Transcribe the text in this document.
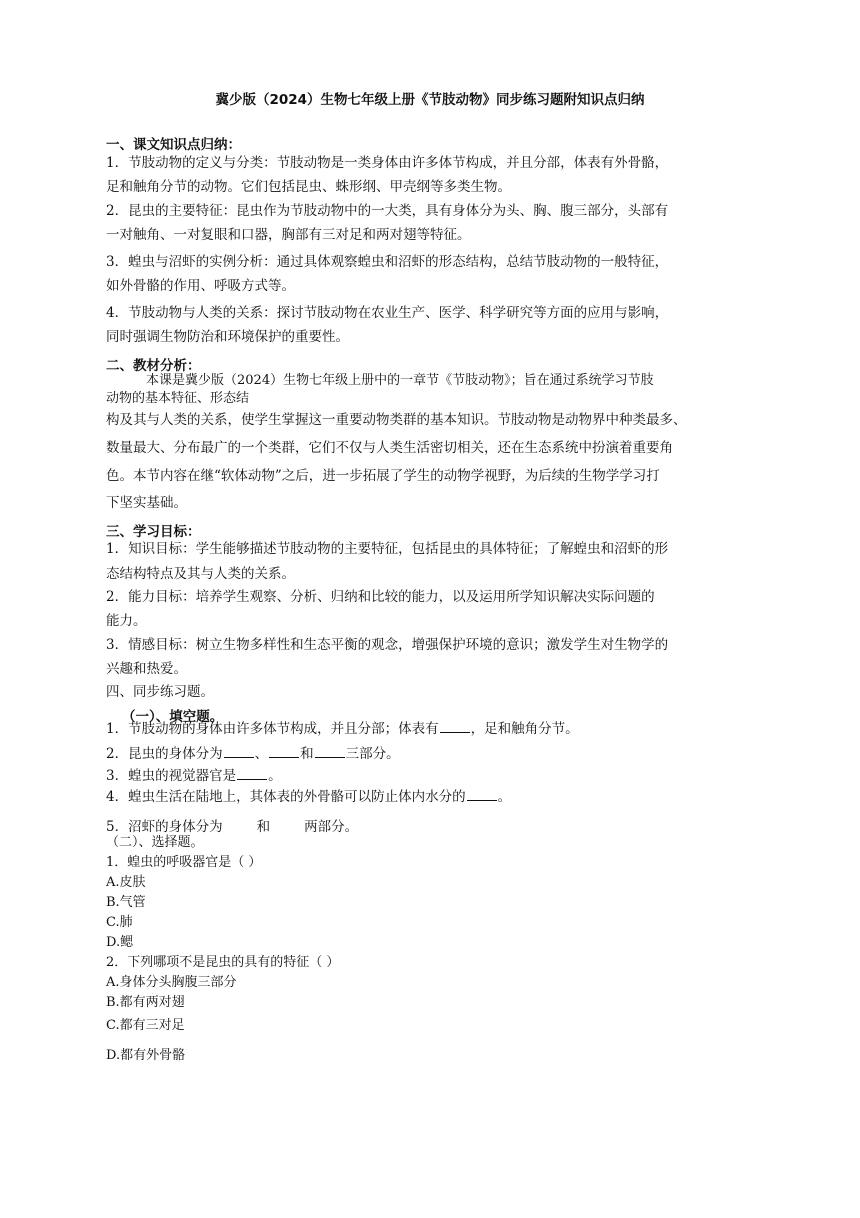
冀少版（2024）生物七年级上册《节肢动物》同步练习题附知识点归纳
一、课文知识点归纳：
1．节肢动物的定义与分类：节肢动物是一类身体由许多体节构成，并且分部，体表有外骨骼，
足和触角分节的动物。它们包括昆虫、蛛形纲、甲壳纲等多类生物。
2．昆虫的主要特征：昆虫作为节肢动物中的一大类，具有身体分为头、胸、腹三部分，头部有
一对触角、一对复眼和口器，胸部有三对足和两对翅等特征。
3．蝗虫与沼虾的实例分析：通过具体观察蝗虫和沼虾的形态结构，总结节肢动物的一般特征，
如外骨骼的作用、呼吸方式等。
4．节肢动物与人类的关系：探讨节肢动物在农业生产、医学、科学研究等方面的应用与影响，
同时强调生物防治和环境保护的重要性。
二、教材分析：
本课是冀少版（2024）生物七年级上册中的一章节《节肢动物》；旨在通过系统学习节肢
动物的基本特征、形态结
构及其与人类的关系，使学生掌握这一重要动物类群的基本知识。节肢动物是动物界中种类最多、
数量最大、分布最广的一个类群，它们不仅与人类生活密切相关，还在生态系统中扮演着重要角
色。本节内容在继“软体动物”之后，进一步拓展了学生的动物学视野，为后续的生物学学习打
下坚实基础。
三、学习目标：
1．知识目标：学生能够描述节肢动物的主要特征，包括昆虫的具体特征；了解蝗虫和沼虾的形
态结构特点及其与人类的关系。
2．能力目标：培养学生观察、分析、归纳和比较的能力，以及运用所学知识解决实际问题的
能力。
3．情感目标：树立生物多样性和生态平衡的观念，增强保护环境的意识；激发学生对生物学的
兴趣和热爱。
四、同步练习题。
（一）、填空题。
1．节肢动物的身体由许多体节构成，并且分部；体表有 ，足和触角分节。
2．昆虫的身体分为 、 和 三部分。
3．蝗虫的视觉器官是 。
4．蝗虫生活在陆地上，其体表的外骨骼可以防止体内水分的 。
5．沼虾的身体分为	和	两部分。
（二）、选择题。
1．蝗虫的呼吸器官是（ ）
A.皮肤
B.气管
C.肺
D.鳃
2．下列哪项不是昆虫的具有的特征（ ）
A.身体分头胸腹三部分
B.都有两对翅
C.都有三对足
D.都有外骨骼
